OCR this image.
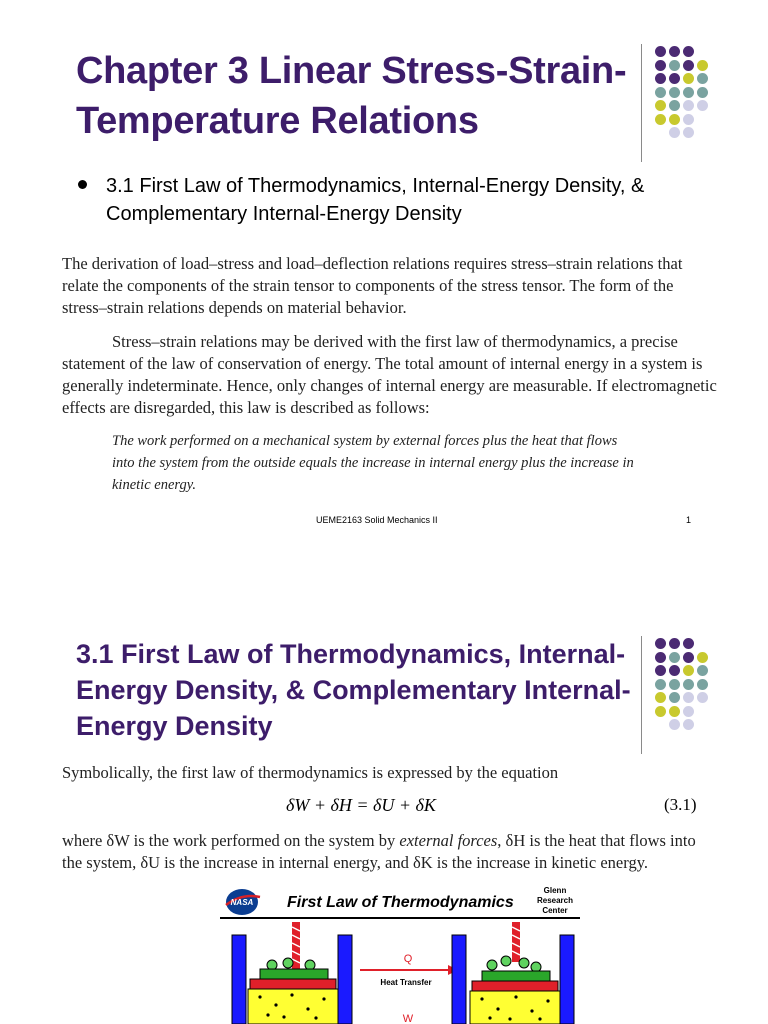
Chapter 3 Linear Stress-Strain-Temperature Relations
3.1 First Law of Thermodynamics, Internal-Energy Density, & Complementary Internal-Energy Density

The derivation of load–stress and load–deflection relations requires stress–strain relations that relate the components of the strain tensor to components of the stress tensor. The form of the stress–strain relations depends on material behavior.

Stress–strain relations may be derived with the first law of thermodynamics, a precise statement of the law of conservation of energy. The total amount of internal energy in a system is generally indeterminate. Hence, only changes of internal energy are measurable. If electromagnetic effects are disregarded, this law is described as follows:

The work performed on a mechanical system by external forces plus the heat that flows into the system from the outside equals the increase in internal energy plus the increase in kinetic energy.

UEME2163 Solid Mechanics II	1
3.1 First Law of Thermodynamics, Internal-Energy Density, & Complementary Internal-Energy Density

Symbolically, the first law of thermodynamics is expressed by the equation

δW + δH = δU + δK	(3.1)

where δW is the work performed on the system by external forces, δH is the heat that flows into the system, δU is the increase in internal energy, and δK is the increase in kinetic energy.

NASA First Law of Thermodynamics
Glenn
Research
Center
Q
Heat Transfer
W
